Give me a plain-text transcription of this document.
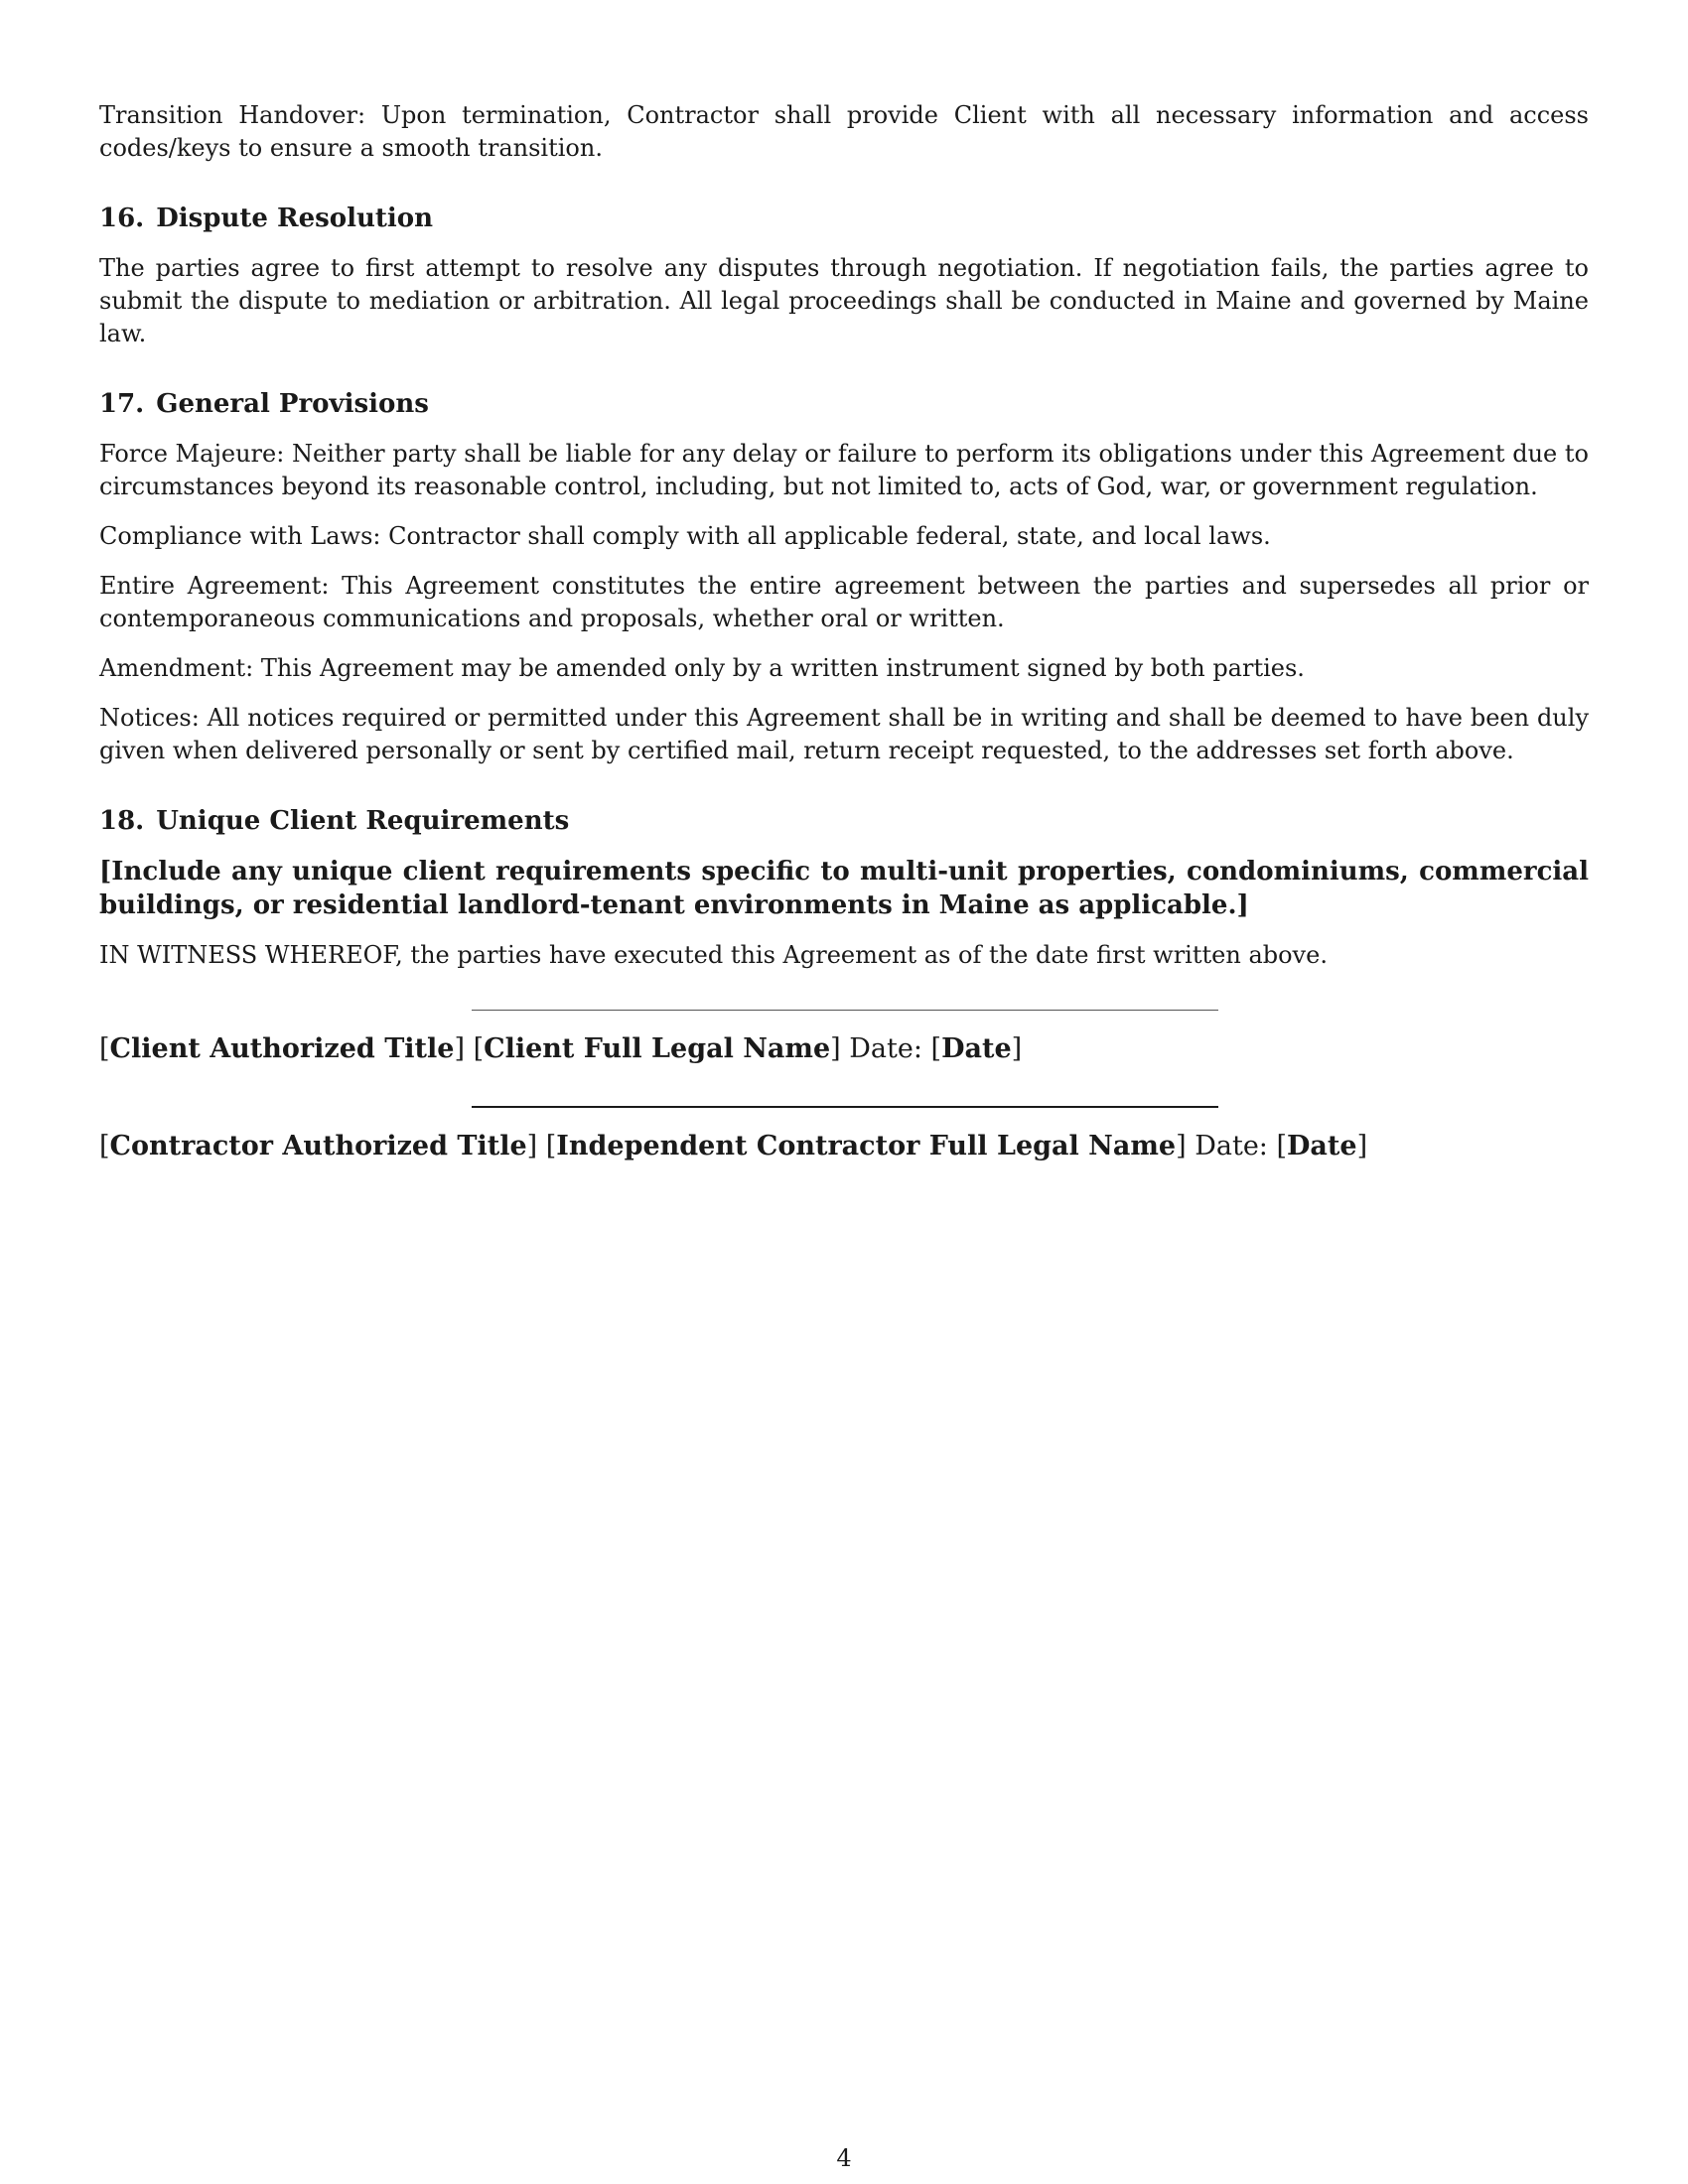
Transition Handover: Upon termination, Contractor shall provide Client with all necessary information and access codes/keys to ensure a smooth transition.

16. Dispute Resolution

The parties agree to first attempt to resolve any disputes through negotiation. If negotiation fails, the parties agree to submit the dispute to mediation or arbitration. All legal proceedings shall be conducted in Maine and governed by Maine law.

17. General Provisions

Force Majeure: Neither party shall be liable for any delay or failure to perform its obligations under this Agreement due to circumstances beyond its reasonable control, including, but not limited to, acts of God, war, or government regulation.

Compliance with Laws: Contractor shall comply with all applicable federal, state, and local laws.

Entire Agreement: This Agreement constitutes the entire agreement between the parties and supersedes all prior or contemporaneous communications and proposals, whether oral or written.

Amendment: This Agreement may be amended only by a written instrument signed by both parties.

Notices: All notices required or permitted under this Agreement shall be in writing and shall be deemed to have been duly given when delivered personally or sent by certified mail, return receipt requested, to the addresses set forth above.

18. Unique Client Requirements

[Include any unique client requirements specific to multi-unit properties, condominiums, commercial buildings, or residential landlord-tenant environments in Maine as applicable.]

IN WITNESS WHEREOF, the parties have executed this Agreement as of the date first written above.

[Client Authorized Title] [Client Full Legal Name] Date: [Date]
[Contractor Authorized Title] [Independent Contractor Full Legal Name] Date: [Date]
4
